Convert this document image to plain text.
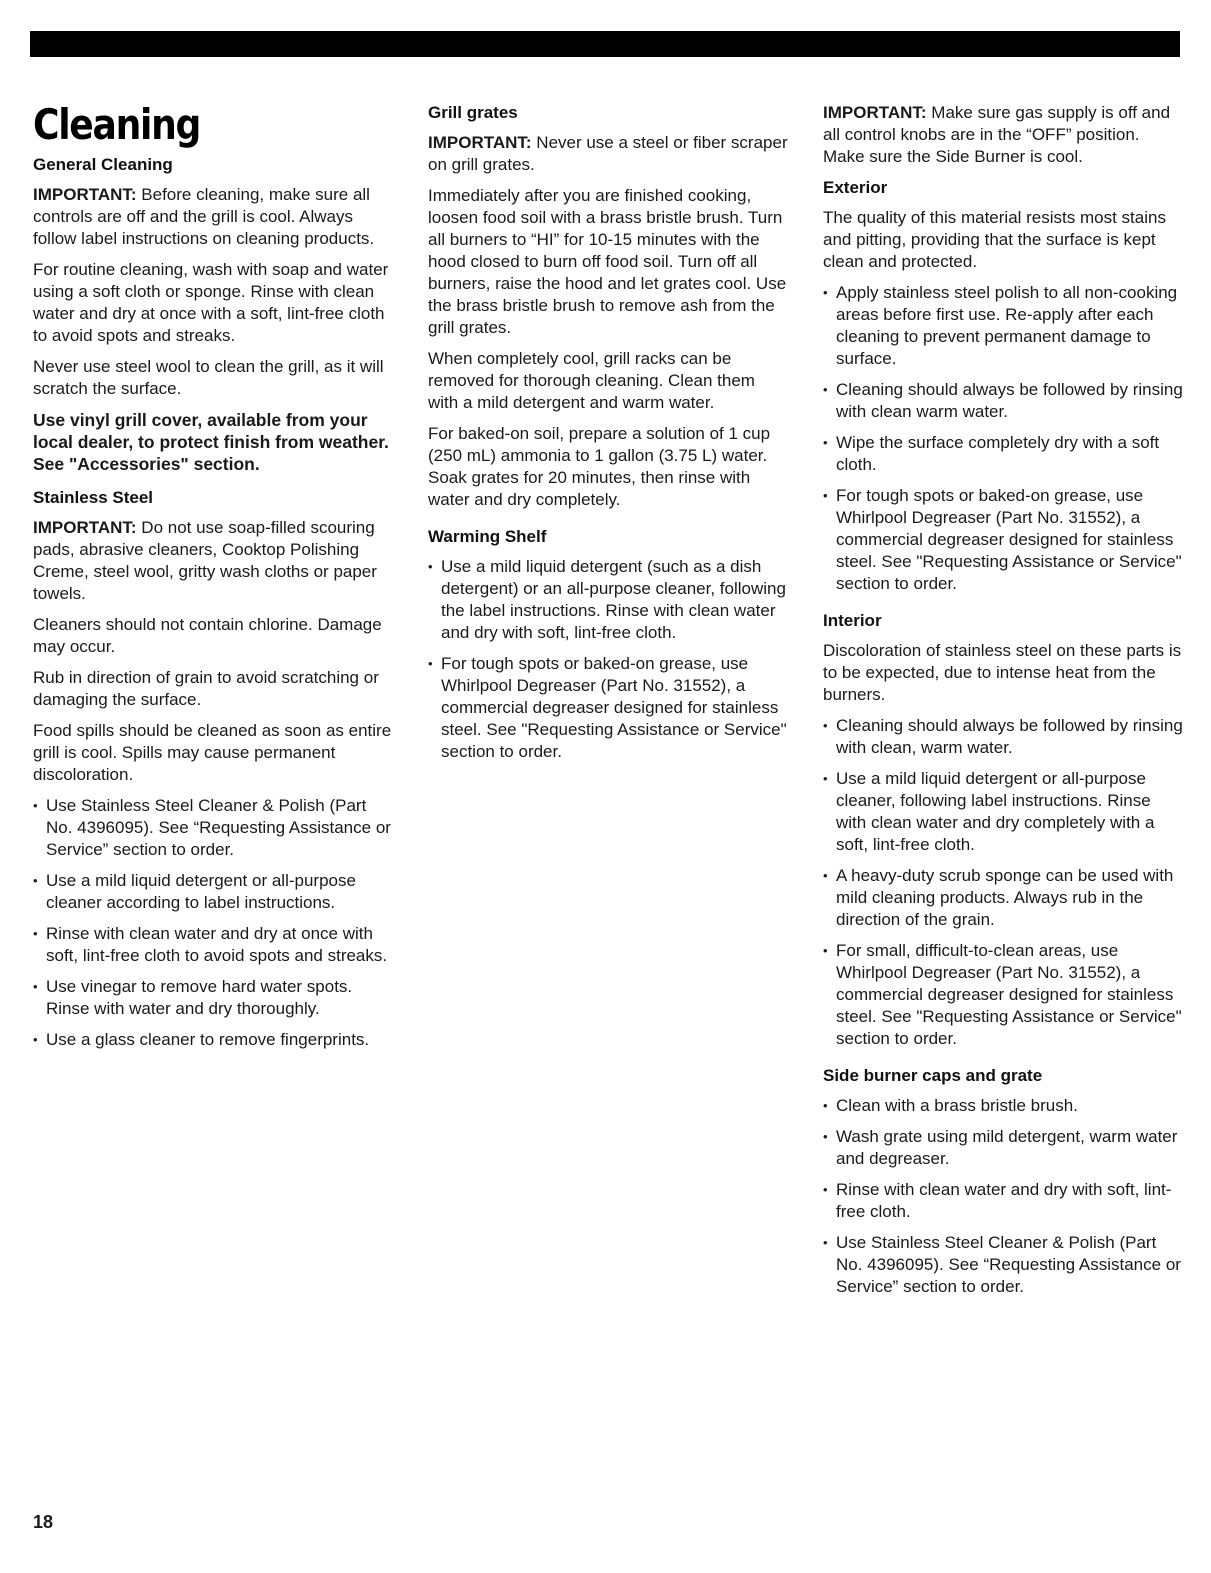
Cleaning
General Cleaning

IMPORTANT: Before cleaning, make sure all controls are off and the grill is cool. Always follow label instructions on cleaning products.

For routine cleaning, wash with soap and water using a soft cloth or sponge. Rinse with clean water and dry at once with a soft, lint-free cloth to avoid spots and streaks.

Never use steel wool to clean the grill, as it will scratch the surface.

Use vinyl grill cover, available from your local dealer, to protect finish from weather. See "Accessories" section.

Stainless Steel

IMPORTANT: Do not use soap-filled scouring pads, abrasive cleaners, Cooktop Polishing Creme, steel wool, gritty wash cloths or paper towels.

Cleaners should not contain chlorine. Damage may occur.

Rub in direction of grain to avoid scratching or damaging the surface.

Food spills should be cleaned as soon as entire grill is cool. Spills may cause permanent discoloration.

• Use Stainless Steel Cleaner & Polish (Part No. 4396095). See “Requesting Assistance or Service” section to order.
• Use a mild liquid detergent or all-purpose cleaner according to label instructions.
• Rinse with clean water and dry at once with soft, lint-free cloth to avoid spots and streaks.
• Use vinegar to remove hard water spots. Rinse with water and dry thoroughly.
• Use a glass cleaner to remove fingerprints.
Grill grates

IMPORTANT: Never use a steel or fiber scraper on grill grates.

Immediately after you are finished cooking, loosen food soil with a brass bristle brush. Turn all burners to “HI” for 10-15 minutes with the hood closed to burn off food soil. Turn off all burners, raise the hood and let grates cool. Use the brass bristle brush to remove ash from the grill grates.

When completely cool, grill racks can be removed for thorough cleaning. Clean them with a mild detergent and warm water.

For baked-on soil, prepare a solution of 1 cup (250 mL) ammonia to 1 gallon (3.75 L) water. Soak grates for 20 minutes, then rinse with water and dry completely.

Warming Shelf
• Use a mild liquid detergent (such as a dish detergent) or an all-purpose cleaner, following the label instructions. Rinse with clean water and dry with soft, lint-free cloth.
• For tough spots or baked-on grease, use Whirlpool Degreaser (Part No. 31552), a commercial degreaser designed for stainless steel. See "Requesting Assistance or Service" section to order.

IMPORTANT: Make sure gas supply is off and all control knobs are in the “OFF” position. Make sure the Side Burner is cool.

Exterior

The quality of this material resists most stains and pitting, providing that the surface is kept clean and protected.

• Apply stainless steel polish to all non-cooking areas before first use. Re-apply after each cleaning to prevent permanent damage to surface.
• Cleaning should always be followed by rinsing with clean warm water.
• Wipe the surface completely dry with a soft cloth.
• For tough spots or baked-on grease, use Whirlpool Degreaser (Part No. 31552), a commercial degreaser designed for stainless steel. See "Requesting Assistance or Service" section to order.
Interior

Discoloration of stainless steel on these parts is to be expected, due to intense heat from the burners.

• Cleaning should always be followed by rinsing with clean, warm water.
• Use a mild liquid detergent or all-purpose cleaner, following label instructions. Rinse with clean water and dry completely with a soft, lint-free cloth.
• A heavy-duty scrub sponge can be used with mild cleaning products. Always rub in the direction of the grain.
• For small, difficult-to-clean areas, use Whirlpool Degreaser (Part No. 31552), a commercial degreaser designed for stainless steel. See "Requesting Assistance or Service" section to order.
Side burner caps and grate
• Clean with a brass bristle brush.
• Wash grate using mild detergent, warm water and degreaser.
• Rinse with clean water and dry with soft, lint-free cloth.
• Use Stainless Steel Cleaner & Polish (Part No. 4396095). See “Requesting Assistance or Service” section to order.
18
